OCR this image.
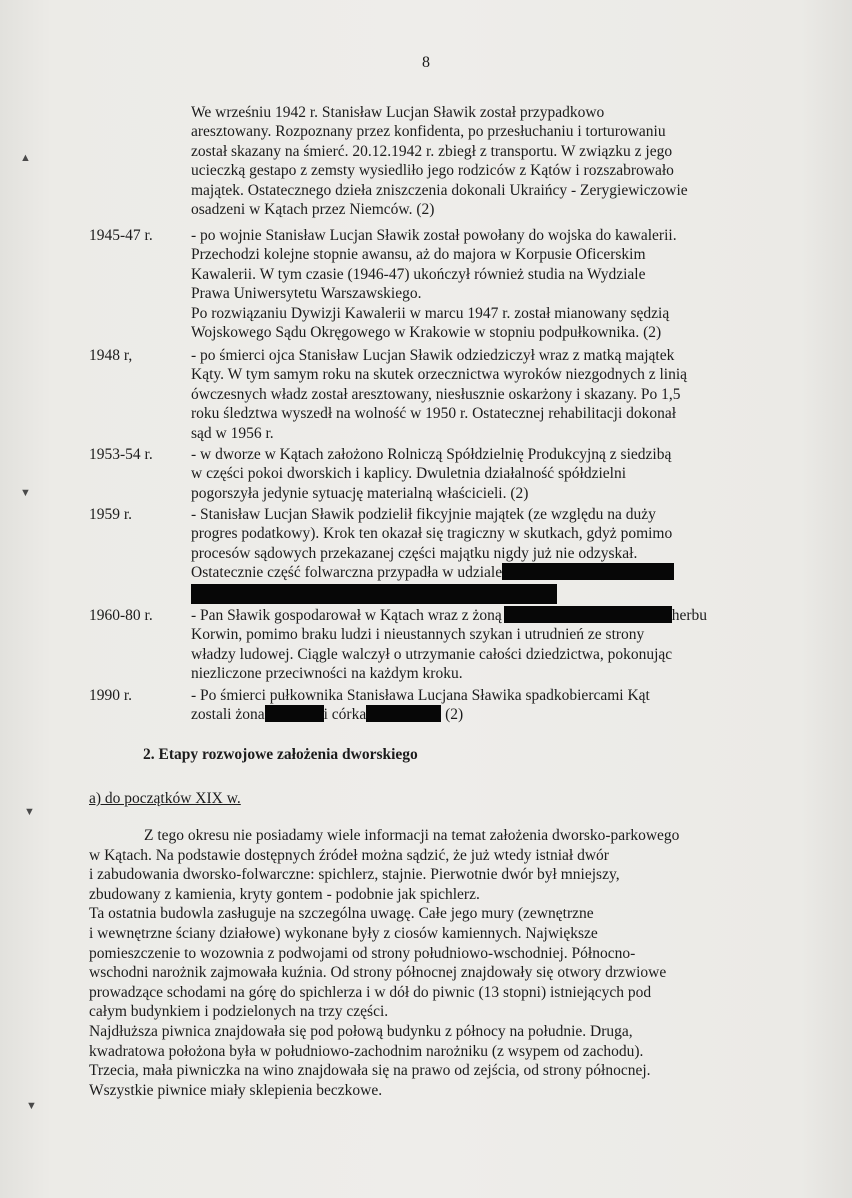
8

We wrześniu 1942 r. Stanisław Lucjan Sławik został przypadkowo

aresztowany. Rozpoznany przez konfidenta, po przesłuchaniu i torturowaniu

został skazany na śmierć. 20.12.1942 r. zbiegł z transportu. W związku z jego

ucieczką gestapo z zemsty wysiedliło jego rodziców z Kątów i rozszabrowało

majątek. Ostatecznego dzieła zniszczenia dokonali Ukraińcy - Zerygiewiczowie

osadzeni w Kątach przez Niemców. (2)

1945-47 r.	- po wojnie Stanisław Lucjan Sławik został powołany do wojska do kawalerii.

Przechodzi kolejne stopnie awansu, aż do majora w Korpusie Oficerskim

Kawalerii. W tym czasie (1946-47) ukończył również studia na Wydziale

Prawa Uniwersytetu Warszawskiego.

Po rozwiązaniu Dywizji Kawalerii w marcu 1947 r. został mianowany sędzią

Wojskowego Sądu Okręgowego w Krakowie w stopniu podpułkownika. (2)

1948 r,	- po śmierci ojca Stanisław Lucjan Sławik odziedziczył wraz z matką majątek

Kąty. W tym samym roku na skutek orzecznictwa wyroków niezgodnych z linią

ówczesnych władz został aresztowany, niesłusznie oskarżony i skazany. Po 1,5

roku śledztwa wyszedł na wolność w 1950 r. Ostatecznej rehabilitacji dokonał

sąd w 1956 r.

1953-54 r.	- w dworze w Kątach założono Rolniczą Spółdzielnię Produkcyjną z siedzibą

w części pokoi dworskich i kaplicy. Dwuletnia działalność spółdzielni

pogorszyła jedynie sytuację materialną właścicieli. (2)

1959 r.	- Stanisław Lucjan Sławik podzielił fikcyjnie majątek (ze względu na duży

progres podatkowy). Krok ten okazał się tragiczny w skutkach, gdyż pomimo

procesów sądowych przekazanej części majątku nigdy już nie odzyskał.

Ostatecznie część folwarczna przypadła w udziale

1960-80 r.	- Pan Sławik gospodarował w Kątach wraz z żoną	herbu

Korwin, pomimo braku ludzi i nieustannych szykan i utrudnień ze strony

władzy ludowej. Ciągle walczył o utrzymanie całości dziedzictwa, pokonując

niezliczone przeciwności na każdym kroku.

1990 r.	- Po śmierci pułkownika Stanisława Lucjana Sławika spadkobiercami Kąt

zostali żona	i córka	(2)

2. Etapy rozwojowe założenia dworskiego
a) do początków XIX w.
Z tego okresu nie posiadamy wiele informacji na temat założenia dworsko-parkowego
w Kątach. Na podstawie dostępnych źródeł można sądzić, że już wtedy istniał dwór
i zabudowania dworsko-folwarczne: spichlerz, stajnie. Pierwotnie dwór był mniejszy,
zbudowany z kamienia, kryty gontem - podobnie jak spichlerz.
Ta ostatnia budowla zasługuje na szczególna uwagę. Całe jego mury (zewnętrzne
i wewnętrzne ściany działowe) wykonane były z ciosów kamiennych. Największe
pomieszczenie to wozownia z podwojami od strony południowo-wschodniej. Północno-
wschodni narożnik zajmowała kuźnia. Od strony północnej znajdowały się otwory drzwiowe
prowadzące schodami na górę do spichlerza i w dół do piwnic (13 stopni) istniejących pod
całym budynkiem i podzielonych na trzy części.
Najdłuższa piwnica znajdowała się pod połową budynku z północy na południe. Druga,
kwadratowa położona była w południowo-zachodnim narożniku (z wsypem od zachodu).
Trzecia, mała piwniczka na wino znajdowała się na prawo od zejścia, od strony północnej.
Wszystkie piwnice miały sklepienia beczkowe.
▲
▼
▼
▼
